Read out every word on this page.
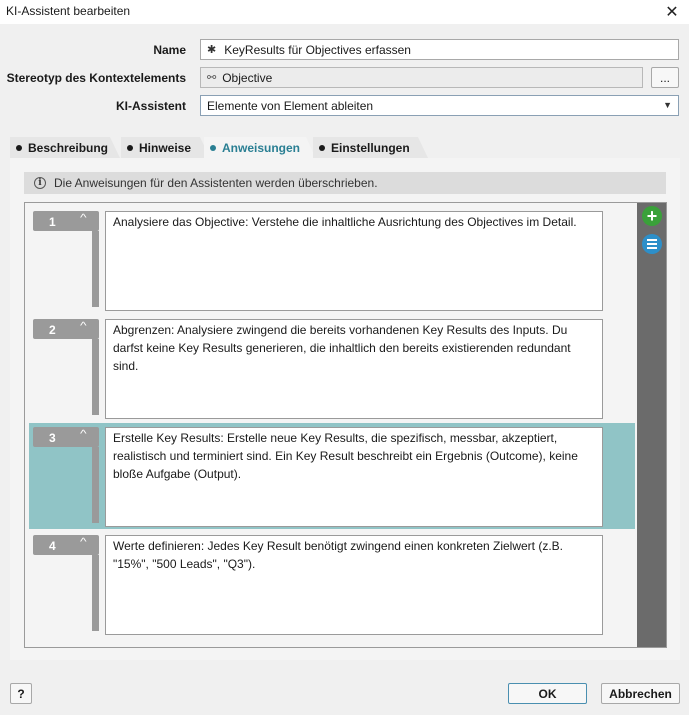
KI-Assistent bearbeiten	✕
Name ✱ KeyResults für Objectives erfassen
Stereotyp des Kontextelements ⚯ Objective	...
KI-Assistent Elemente von Element ableiten	▼
Beschreibung	Hinweise	Anweisungen	Einstellungen
i	Die Anweisungen für den Assistenten werden überschrieben.
1 ^
Analysiere das Objective: Verstehe die inhaltliche Ausrichtung des Objectives im Detail.
2 ^
Abgrenzen: Analysiere zwingend die bereits vorhandenen Key Results des Inputs. Du darfst keine Key Results generieren, die inhaltlich den bereits existierenden redundant sind.
3 ^
Erstelle Key Results: Erstelle neue Key Results, die spezifisch, messbar, akzeptiert, realistisch und terminiert sind. Ein Key Result beschreibt ein Ergebnis (Outcome), keine bloße Aufgabe (Output).
4 ^
Werte definieren: Jedes Key Result benötigt zwingend einen konkreten Zielwert (z.B. "15%", "500 Leads", "Q3").
+
?	OK	Abbrechen
